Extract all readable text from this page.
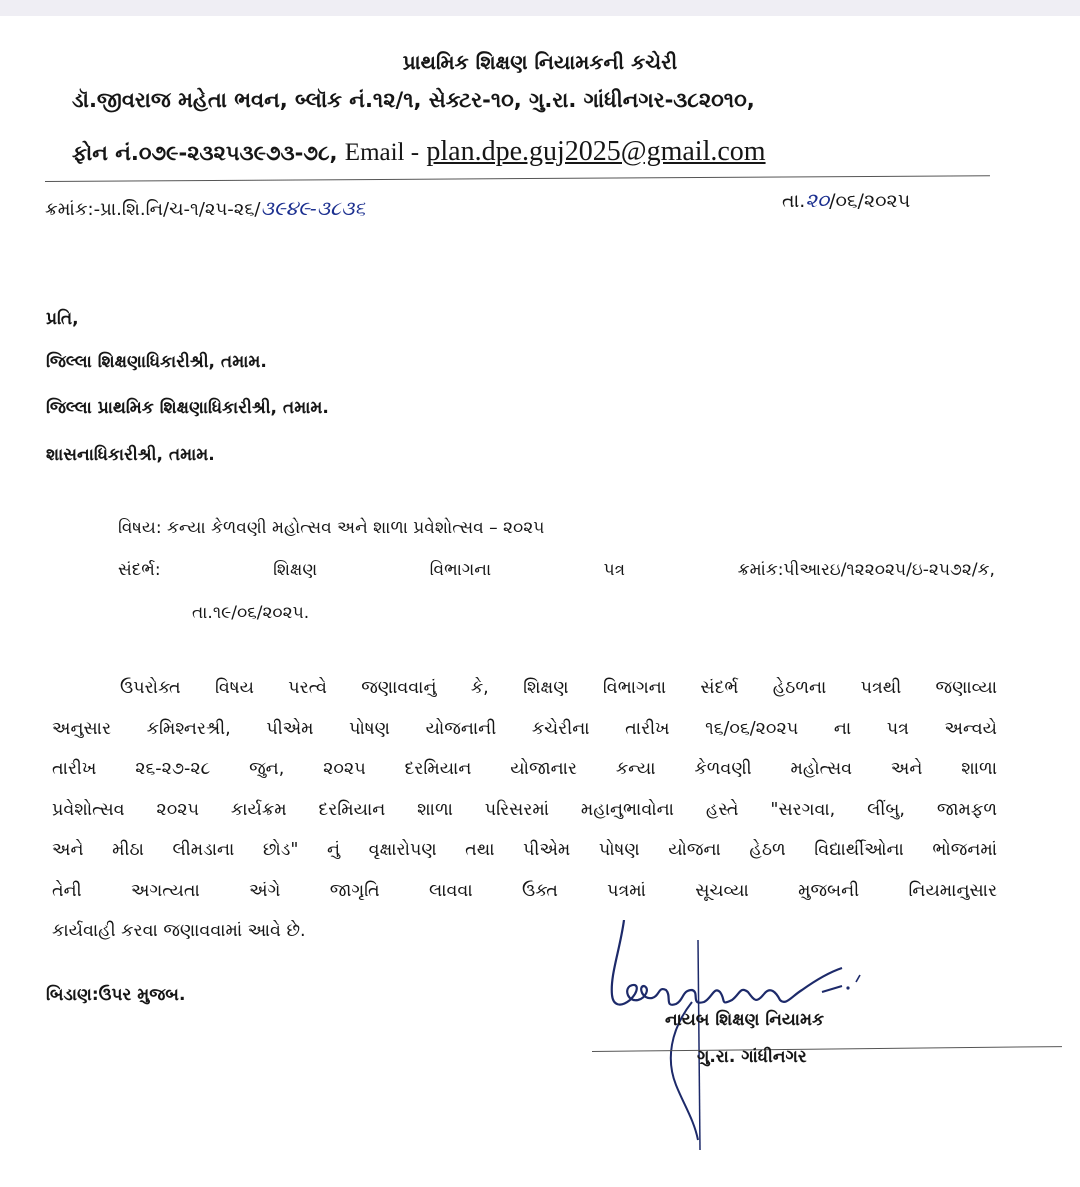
પ્રાથમિક શિક્ષણ નિયામકની કચેરી
ડૉ.જીવરાજ મહેતા ભવન, બ્લૉક નં.૧૨/૧, સેક્ટર-૧૦, ગુ.રા. ગાંધીનગર-૩૮૨૦૧૦,
ફોન નં.૦૭૯-૨૩૨૫૩૯૭૩-૭૮, Email - plan.dpe.guj2025@gmail.com
ક્રમાંક:-પ્રા.શિ.નિ/ચ-૧/૨૫-૨૬/૩૯૪૯-૩૮૩૬	તા.૨૦/૦૬/૨૦૨૫
પ્રતિ,
જિલ્લા શિક્ષણાધિકારીશ્રી, તમામ.
જિલ્લા પ્રાથમિક શિક્ષણાધિકારીશ્રી, તમામ.
શાસનાધિકારીશ્રી, તમામ.
વિષય: કન્યા કેળવણી મહોત્સવ અને શાળા પ્રવેશોત્સવ – ૨૦૨૫
સંદર્ભ:	શિક્ષણ	વિભાગના	પત્ર	ક્રમાંક:પીઆરઇ/૧૨૨૦૨૫/ઇ-૨૫૭૨/ક,
તા.૧૯/૦૬/૨૦૨૫.
ઉપરોક્ત વિષય પરત્વે જણાવવાનું કે, શિક્ષણ વિભાગના સંદર્ભ હેઠળના પત્રથી જણાવ્યા
અનુસાર કમિશ્નરશ્રી, પીએમ પોષણ યોજનાની કચેરીના તારીખ ૧૬/૦૬/૨૦૨૫ ના પત્ર અન્વયે
તારીખ ૨૬-૨૭-૨૮ જુન, ૨૦૨૫ દરમિયાન યોજાનાર કન્યા કેળવણી મહોત્સવ અને શાળા
પ્રવેશોત્સવ ૨૦૨૫ કાર્યક્રમ દરમિયાન શાળા પરિસરમાં મહાનુભાવોના હસ્તે "સરગવા, લીંબુ, જામફળ
અને મીઠા લીમડાના છોડ" નું વૃક્ષારોપણ તથા પીએમ પોષણ યોજના હેઠળ વિદ્યાર્થીઓના ભોજનમાં
તેની અગત્યતા અંગે જાગૃતિ લાવવા ઉક્ત પત્રમાં સૂચવ્યા મુજબની નિયમાનુસાર
કાર્યવાહી કરવા જણાવવામાં આવે છે.
બિડાણ:ઉપર મુજબ.
નાયબ શિક્ષણ નિયામક
ગુ.રા. ગાંધીનગર
